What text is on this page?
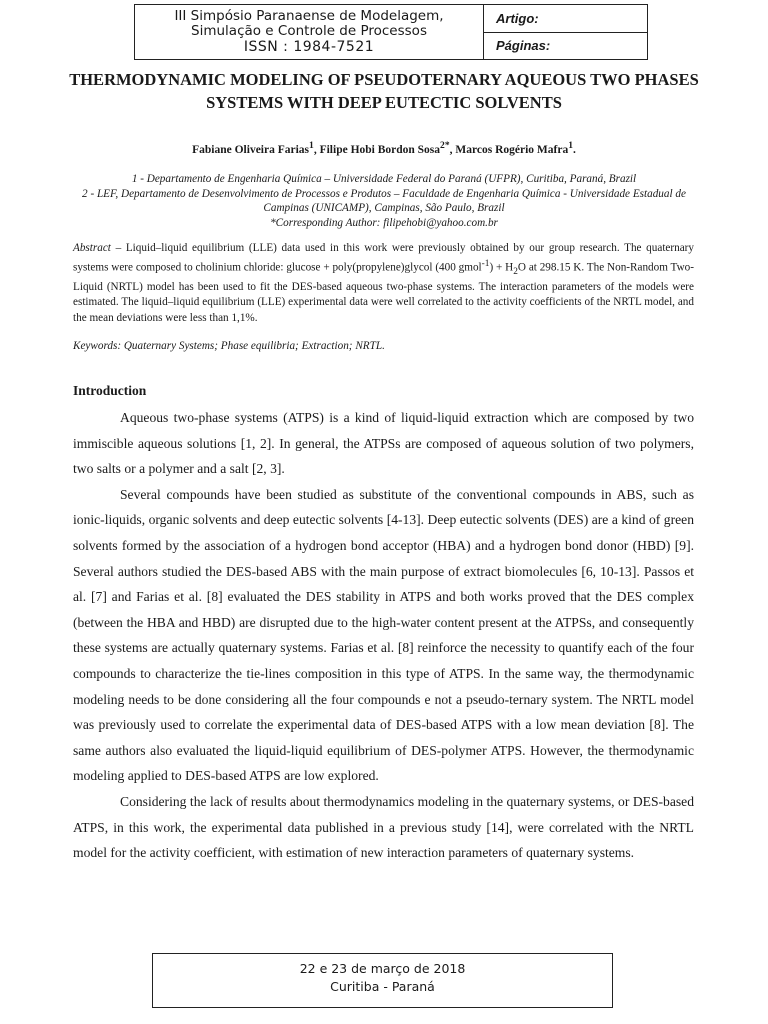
III Simpósio Paranaense de Modelagem,
Simulação e Controle de Processos
ISSN : 1984-7521
Artigo:
Páginas:
THERMODYNAMIC MODELING OF PSEUDOTERNARY AQUEOUS TWO PHASES SYSTEMS WITH DEEP EUTECTIC SOLVENTS
Fabiane Oliveira Farias$^1$, Filipe Hobi Bordon Sosa$^{2*}$, Marcos Rogério Mafra$^1$.
1 - Departamento de Engenharia Química – Universidade Federal do Paraná (UFPR), Curitiba, Paraná, Brazil
2 - LEF, Departamento de Desenvolvimento de Processos e Produtos – Faculdade de Engenharia Química - Universidade Estadual de Campinas (UNICAMP), Campinas, São Paulo, Brazil
*Corresponding Author: filipehobi@yahoo.com.br
Abstract – Liquid–liquid equilibrium (LLE) data used in this work were previously obtained by our group research. The quaternary systems were composed to cholinium chloride: glucose + poly(propylene)glycol (400 gmol$^{-1}$) + $H_2O$ at 298.15 K. The Non-Random Two-Liquid (NRTL) model has been used to fit the DES-based aqueous two-phase systems. The interaction parameters of the models were estimated. The liquid–liquid equilibrium (LLE) experimental data were well correlated to the activity coefficients of the NRTL model, and the mean deviations were less than 1,1%.
Keywords: Quaternary Systems; Phase equilibria; Extraction; NRTL.
Introduction

Aqueous two-phase systems (ATPS) is a kind of liquid-liquid extraction which are composed by two immiscible aqueous solutions [1, 2]. In general, the ATPSs are composed of aqueous solution of two polymers, two salts or a polymer and a salt [2, 3].

Several compounds have been studied as substitute of the conventional compounds in ABS, such as ionic-liquids, organic solvents and deep eutectic solvents [4-13]. Deep eutectic solvents (DES) are a kind of green solvents formed by the association of a hydrogen bond acceptor (HBA) and a hydrogen bond donor (HBD) [9]. Several authors studied the DES-based ABS with the main purpose of extract biomolecules [6, 10-13]. Passos et al. [7] and Farias et al. [8] evaluated the DES stability in ATPS and both works proved that the DES complex (between the HBA and HBD) are disrupted due to the high-water content present at the ATPSs, and consequently these systems are actually quaternary systems. Farias et al. [8] reinforce the necessity to quantify each of the four compounds to characterize the tie-lines composition in this type of ATPS. In the same way, the thermodynamic modeling needs to be done considering all the four compounds e not a pseudo-ternary system. The NRTL model was previously used to correlate the experimental data of DES-based ATPS with a low mean deviation [8]. The same authors also evaluated the liquid-liquid equilibrium of DES-polymer ATPS. However, the thermodynamic modeling applied to DES-based ATPS are low explored.

Considering the lack of results about thermodynamics modeling in the quaternary systems, or DES-based ATPS, in this work, the experimental data published in a previous study [14], were correlated with the NRTL model for the activity coefficient, with estimation of new interaction parameters of quaternary systems.

22 e 23 de março de 2018
Curitiba - Paraná
